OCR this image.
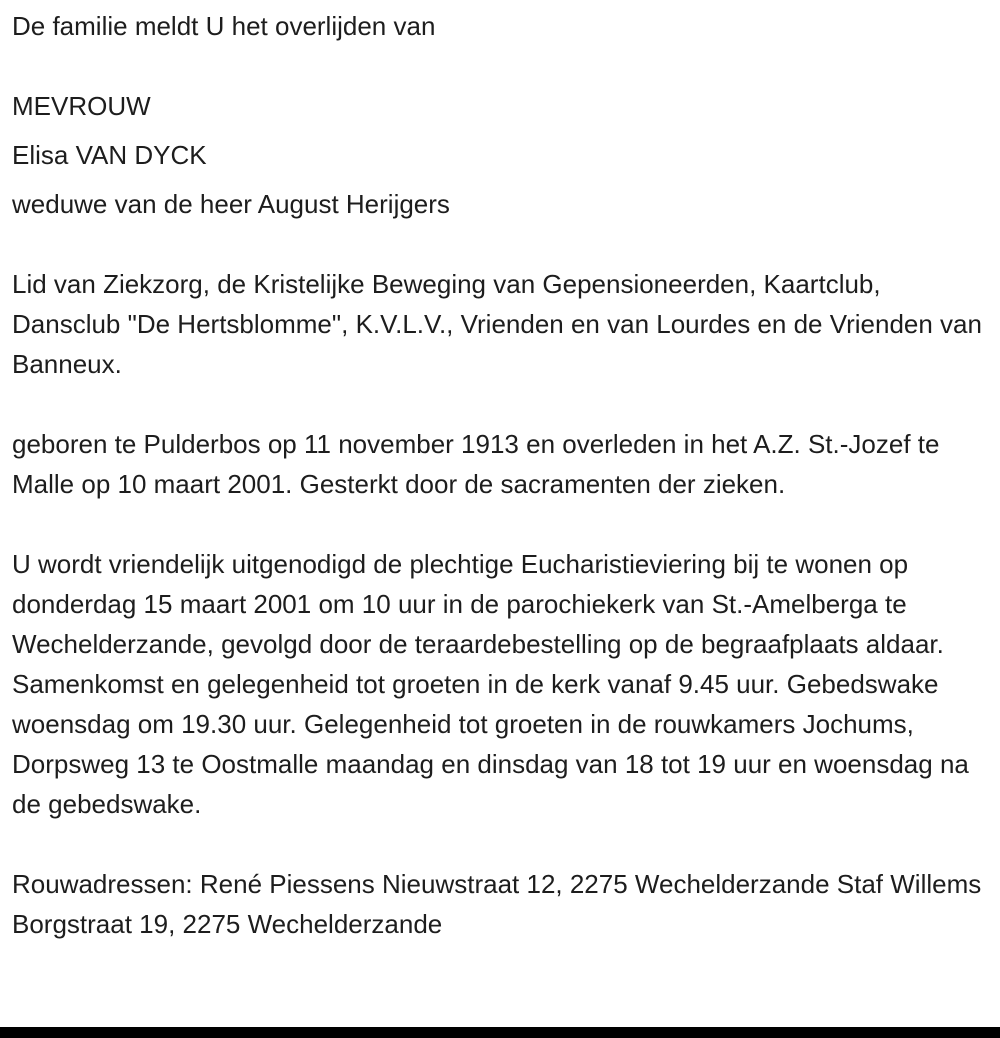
De familie meldt U het overlijden van

MEVROUW

Elisa VAN DYCK

weduwe van de heer August Herijgers

Lid van Ziekzorg, de Kristelijke Beweging van Gepensioneerden, Kaartclub, Dansclub "De Hertsblomme", K.V.L.V., Vrienden en van Lourdes en de Vrienden van Banneux.

geboren te Pulderbos op 11 november 1913 en overleden in het A.Z. St.-Jozef te Malle op 10 maart 2001. Gesterkt door de sacramenten der zieken.

U wordt vriendelijk uitgenodigd de plechtige Eucharistieviering bij te wonen op donderdag 15 maart 2001 om 10 uur in de parochiekerk van St.-Amelberga te Wechelderzande, gevolgd door de teraardebestelling op de begraafplaats aldaar. Samenkomst en gelegenheid tot groeten in de kerk vanaf 9.45 uur. Gebedswake woensdag om 19.30 uur. Gelegenheid tot groeten in de rouwkamers Jochums, Dorpsweg 13 te Oostmalle maandag en dinsdag van 18 tot 19 uur en woensdag na de gebedswake.

Rouwadressen: René Piessens Nieuwstraat 12, 2275 Wechelderzande Staf Willems Borgstraat 19, 2275 Wechelderzande
